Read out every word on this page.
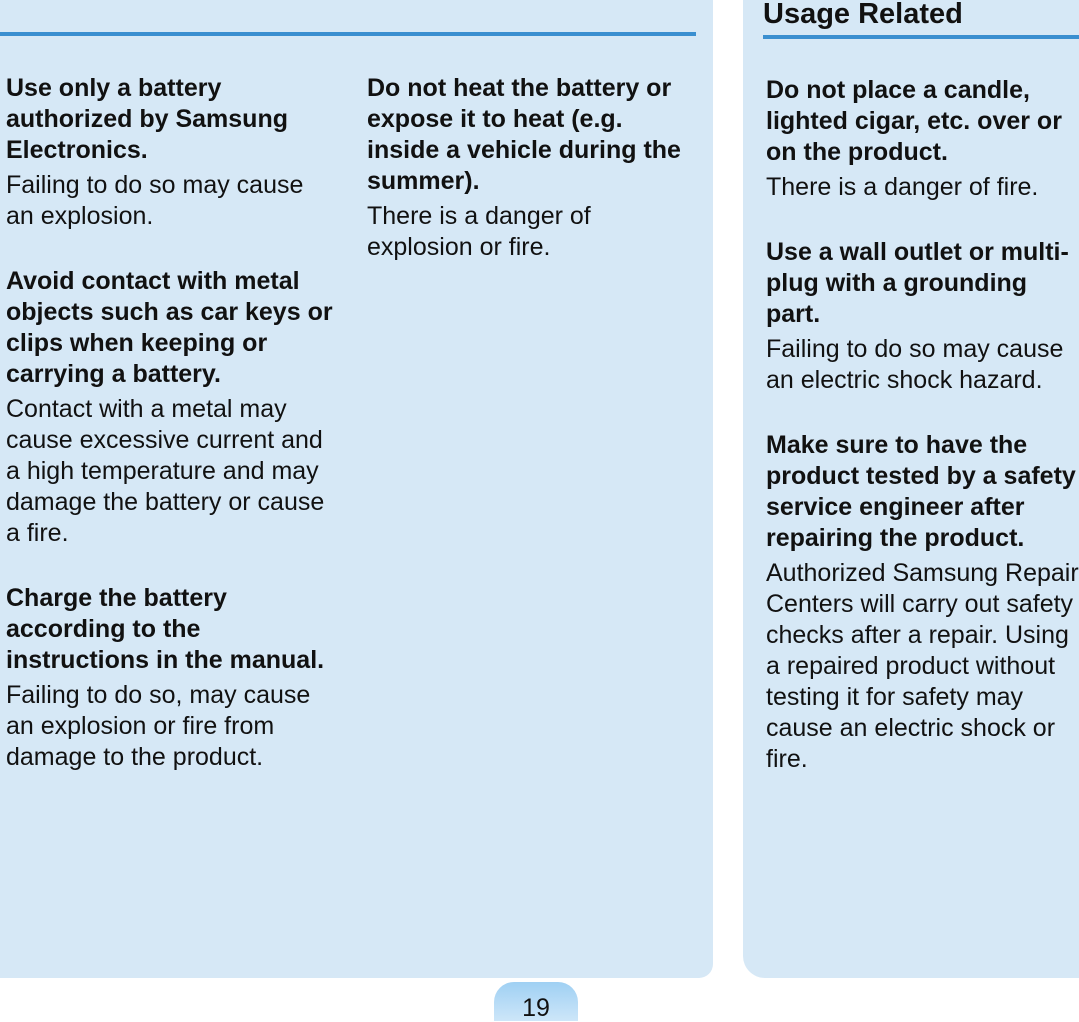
Usage Related
Use only a battery authorized by Samsung Electronics.

Failing to do so may cause an explosion.

Avoid contact with metal objects such as car keys or clips when keeping or carrying a battery.

Contact with a metal may cause excessive current and a high temperature and may damage the battery or cause a fire.

Charge the battery according to the instructions in the manual.

Failing to do so, may cause an explosion or fire from damage to the product.

Do not heat the battery or expose it to heat (e.g. inside a vehicle during the summer).

There is a danger of explosion or fire.

Do not place a candle, lighted cigar, etc. over or on the product.

There is a danger of fire.

Use a wall outlet or multi-plug with a grounding part.

Failing to do so may cause an electric shock hazard.

Make sure to have the product tested by a safety service engineer after repairing the product.

Authorized Samsung Repair Centers will carry out safety checks after a repair. Using a repaired product without testing it for safety may cause an electric shock or fire.

19
